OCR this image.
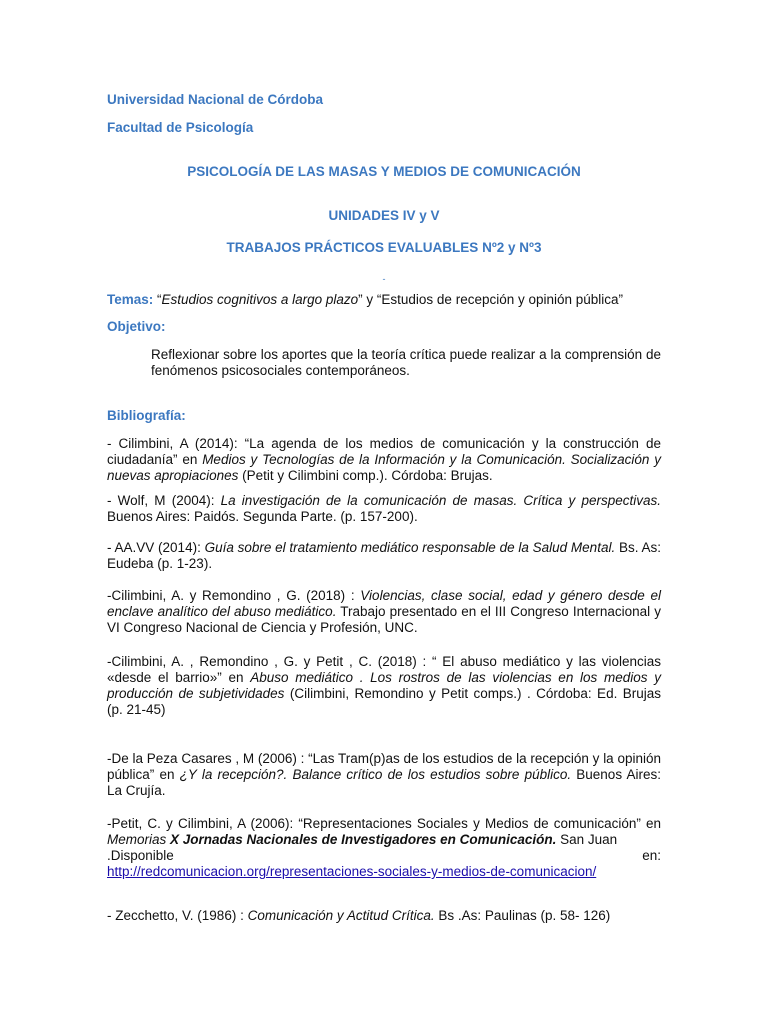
Universidad Nacional de Córdoba
Facultad de Psicología
PSICOLOGÍA DE LAS MASAS Y MEDIOS DE COMUNICACIÓN
UNIDADES IV y V
TRABAJOS PRÁCTICOS EVALUABLES Nº2 y Nº3
-
Temas: “Estudios cognitivos a largo plazo” y “Estudios de recepción y opinión pública”
Objetivo:
Reflexionar sobre los aportes que la teoría crítica puede realizar a la comprensión de fenómenos psicosociales contemporáneos.
Bibliografía:
- Cilimbini, A (2014): “La agenda de los medios de comunicación y la construcción de ciudadanía” en Medios y Tecnologías de la Información y la Comunicación. Socialización y nuevas apropiaciones (Petit y Cilimbini comp.). Córdoba: Brujas.
- Wolf, M (2004): La investigación de la comunicación de masas. Crítica y perspectivas. Buenos Aires: Paidós. Segunda Parte. (p. 157-200).
- AA.VV (2014): Guía sobre el tratamiento mediático responsable de la Salud Mental. Bs. As: Eudeba (p. 1-23).
-Cilimbini, A. y Remondino , G. (2018) : Violencias, clase social, edad y género desde el enclave analítico del abuso mediático. Trabajo presentado en el III Congreso Internacional y VI Congreso Nacional de Ciencia y Profesión, UNC.
-Cilimbini, A. , Remondino , G. y Petit , C. (2018) : “ El abuso mediático y las violencias «desde el barrio»” en Abuso mediático . Los rostros de las violencias en los medios y producción de subjetividades (Cilimbini, Remondino y Petit comps.) . Córdoba: Ed. Brujas (p. 21-45)
-De la Peza Casares , M (2006) : “Las Tram(p)as de los estudios de la recepción y la opinión pública” en ¿Y la recepción?. Balance crítico de los estudios sobre público. Buenos Aires: La Crujía.
-Petit, C. y Cilimbini, A (2006): “Representaciones Sociales y Medios de comunicación” en Memorias X Jornadas Nacionales de Investigadores en Comunicación. San Juan
.Disponible	en:
http://redcomunicacion.org/representaciones-sociales-y-medios-de-comunicacion/
- Zecchetto, V. (1986) : Comunicación y Actitud Crítica. Bs .As: Paulinas (p. 58- 126)
